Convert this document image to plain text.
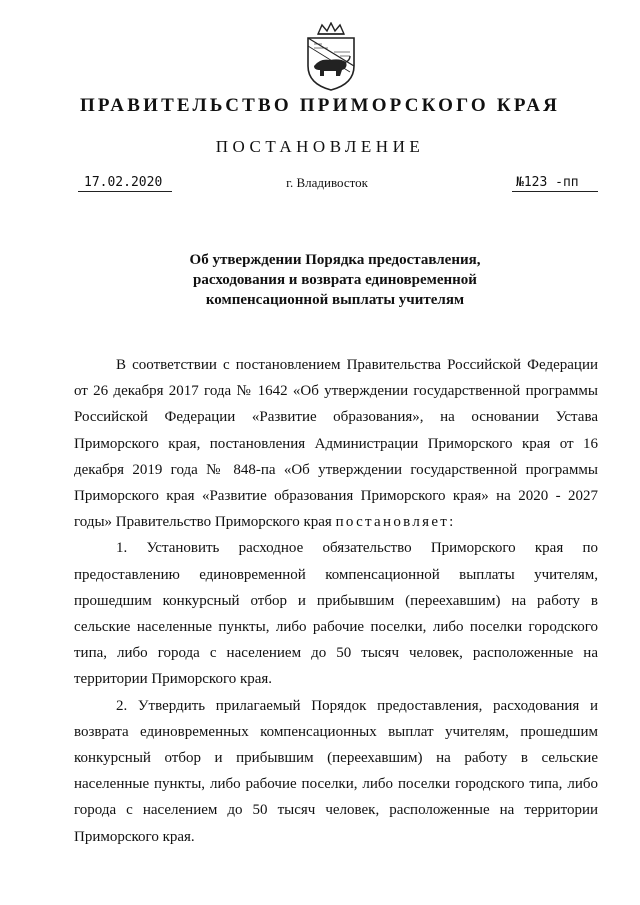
ПРАВИТЕЛЬСТВО ПРИМОРСКОГО КРАЯ
ПОСТАНОВЛЕНИЕ
17.02.2020	г. Владивосток	№123 -пп
Об утверждении Порядка предоставления, расходования и возврата единовременной компенсационной выплаты учителям

В соответствии с постановлением Правительства Российской Федерации от 26 декабря 2017 года № 1642 «Об утверждении государственной программы Российской Федерации «Развитие образования», на основании Устава Приморского края, постановления Администрации Приморского края от 16 декабря 2019 года № 848-па «Об утверждении государственной программы Приморского края «Развитие образования Приморского края» на 2020 - 2027 годы» Правительство Приморского края постановляет:

1. Установить расходное обязательство Приморского края по предоставлению единовременной компенсационной выплаты учителям, прошедшим конкурсный отбор и прибывшим (переехавшим) на работу в сельские населенные пункты, либо рабочие поселки, либо поселки городского типа, либо города с населением до 50 тысяч человек, расположенные на территории Приморского края.

2. Утвердить прилагаемый Порядок предоставления, расходования и возврата единовременных компенсационных выплат учителям, прошедшим конкурсный отбор и прибывшим (переехавшим) на работу в сельские населенные пункты, либо рабочие поселки, либо поселки городского типа, либо города с населением до 50 тысяч человек, расположенные на территории Приморского края.
